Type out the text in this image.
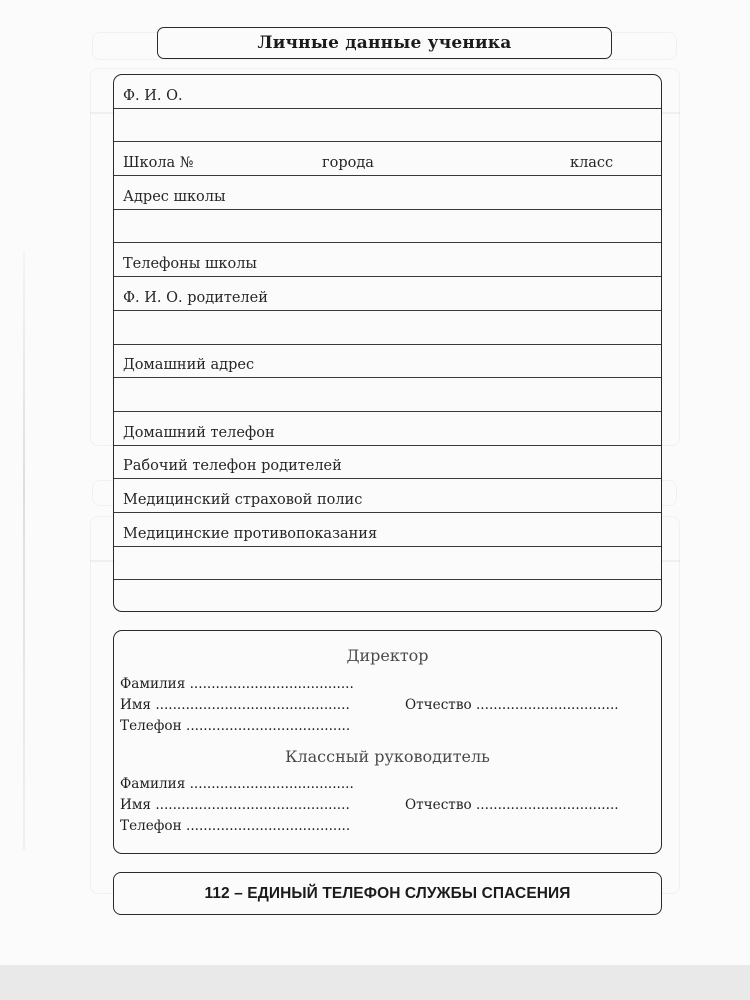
Личные данные ученика
Ф. И. О.
Школа №	города	класс
Адрес школы
Телефоны школы
Ф. И. О. родителей
Домашний адрес
Домашний телефон
Рабочий телефон родителей
Медицинский страховой полис
Медицинские противопоказания
Директор
Фамилия ......................................
Имя .............................................	Отчество .................................
Телефон ......................................
Классный руководитель
Фамилия ......................................
Имя .............................................	Отчество .................................
Телефон ......................................
112 – ЕДИНЫЙ ТЕЛЕФОН СЛУЖБЫ СПАСЕНИЯ
